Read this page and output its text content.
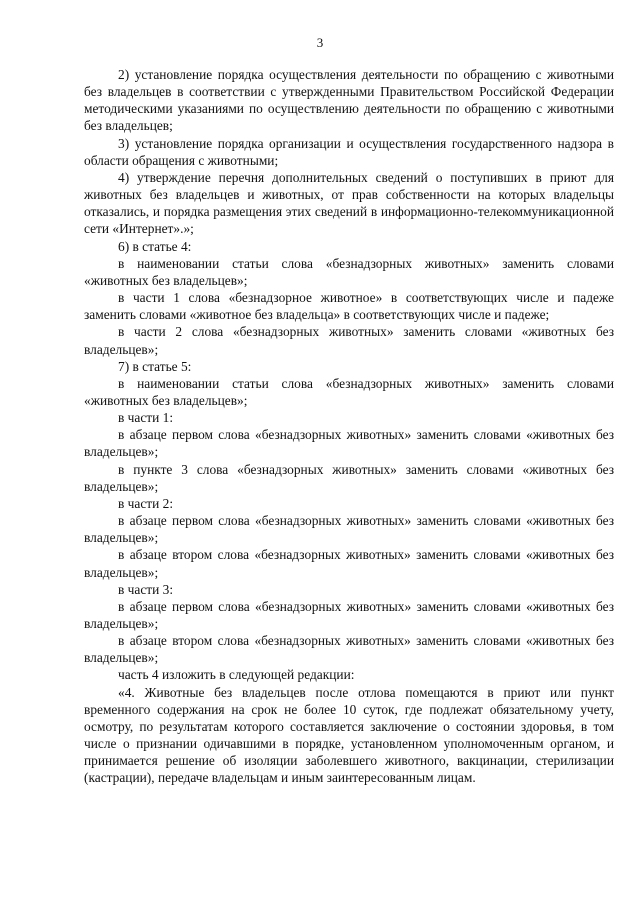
3

2) установление порядка осуществления деятельности по обращению с животными без владельцев в соответствии с утвержденными Правительством Российской Федерации методическими указаниями по осуществлению деятельности по обращению с животными без владельцев;

3) установление порядка организации и осуществления государственного надзора в области обращения с животными;

4) утверждение перечня дополнительных сведений о поступивших в приют для животных без владельцев и животных, от прав собственности на которых владельцы отказались, и порядка размещения этих сведений в информационно-телекоммуникационной сети «Интернет».»;

6) в статье 4:

в наименовании статьи слова «безнадзорных животных» заменить словами «животных без владельцев»;

в части 1 слова «безнадзорное животное» в соответствующих числе и падеже заменить словами «животное без владельца» в соответствующих числе и падеже;

в части 2 слова «безнадзорных животных» заменить словами «животных без владельцев»;

7) в статье 5:

в наименовании статьи слова «безнадзорных животных» заменить словами «животных без владельцев»;

в части 1:

в абзаце первом слова «безнадзорных животных» заменить словами «животных без владельцев»;

в пункте 3 слова «безнадзорных животных» заменить словами «животных без владельцев»;

в части 2:

в абзаце первом слова «безнадзорных животных» заменить словами «животных без владельцев»;

в абзаце втором слова «безнадзорных животных» заменить словами «животных без владельцев»;

в части 3:

в абзаце первом слова «безнадзорных животных» заменить словами «животных без владельцев»;

в абзаце втором слова «безнадзорных животных» заменить словами «животных без владельцев»;

часть 4 изложить в следующей редакции:

«4. Животные без владельцев после отлова помещаются в приют или пункт временного содержания на срок не более 10 суток, где подлежат обязательному учету, осмотру, по результатам которого составляется заключение о состоянии здоровья, в том числе о признании одичавшими в порядке, установленном уполномоченным органом, и принимается решение об изоляции заболевшего животного, вакцинации, стерилизации (кастрации), передаче владельцам и иным заинтересованным лицам.
